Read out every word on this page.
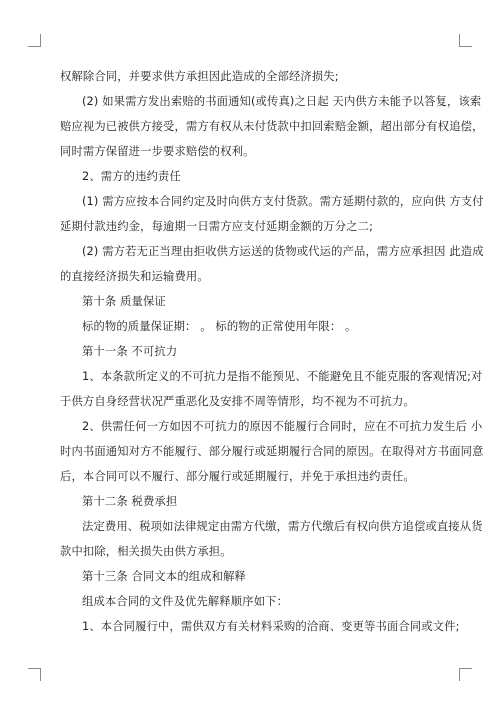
权解除合同，并要求供方承担因此造成的全部经济损失;
(2) 如果需方发出索赔的书面通知(或传真)之日起 天内供方未能予以答复，该索
赔应视为已被供方接受，需方有权从未付货款中扣回索赔金额，超出部分有权追偿，
同时需方保留进一步要求赔偿的权利。
2、需方的违约责任
(1) 需方应按本合同约定及时向供方支付货款。需方延期付款的，应向供 方支付
延期付款违约金，每逾期一日需方应支付延期金额的万分之二;
(2) 需方若无正当理由拒收供方运送的货物或代运的产品，需方应承担因 此造成
的直接经济损失和运输费用。
第十条 质量保证
标的物的质量保证期： 。 标的物的正常使用年限： 。
第十一条 不可抗力
1、本条款所定义的不可抗力是指不能预见、不能避免且不能克服的客观情况;对
于供方自身经营状况严重恶化及安排不周等情形，均不视为不可抗力。
2、供需任何一方如因不可抗力的原因不能履行合同时，应在不可抗力发生后 小
时内书面通知对方不能履行、部分履行或延期履行合同的原因。在取得对方书面同意
后，本合同可以不履行、部分履行或延期履行，并免于承担违约责任。
第十二条 税费承担
法定费用、税项如法律规定由需方代缴，需方代缴后有权向供方追偿或直接从货
款中扣除，相关损失由供方承担。
第十三条 合同文本的组成和解释
组成本合同的文件及优先解释顺序如下：
1、本合同履行中，需供双方有关材料采购的洽商、变更等书面合同或文件;
